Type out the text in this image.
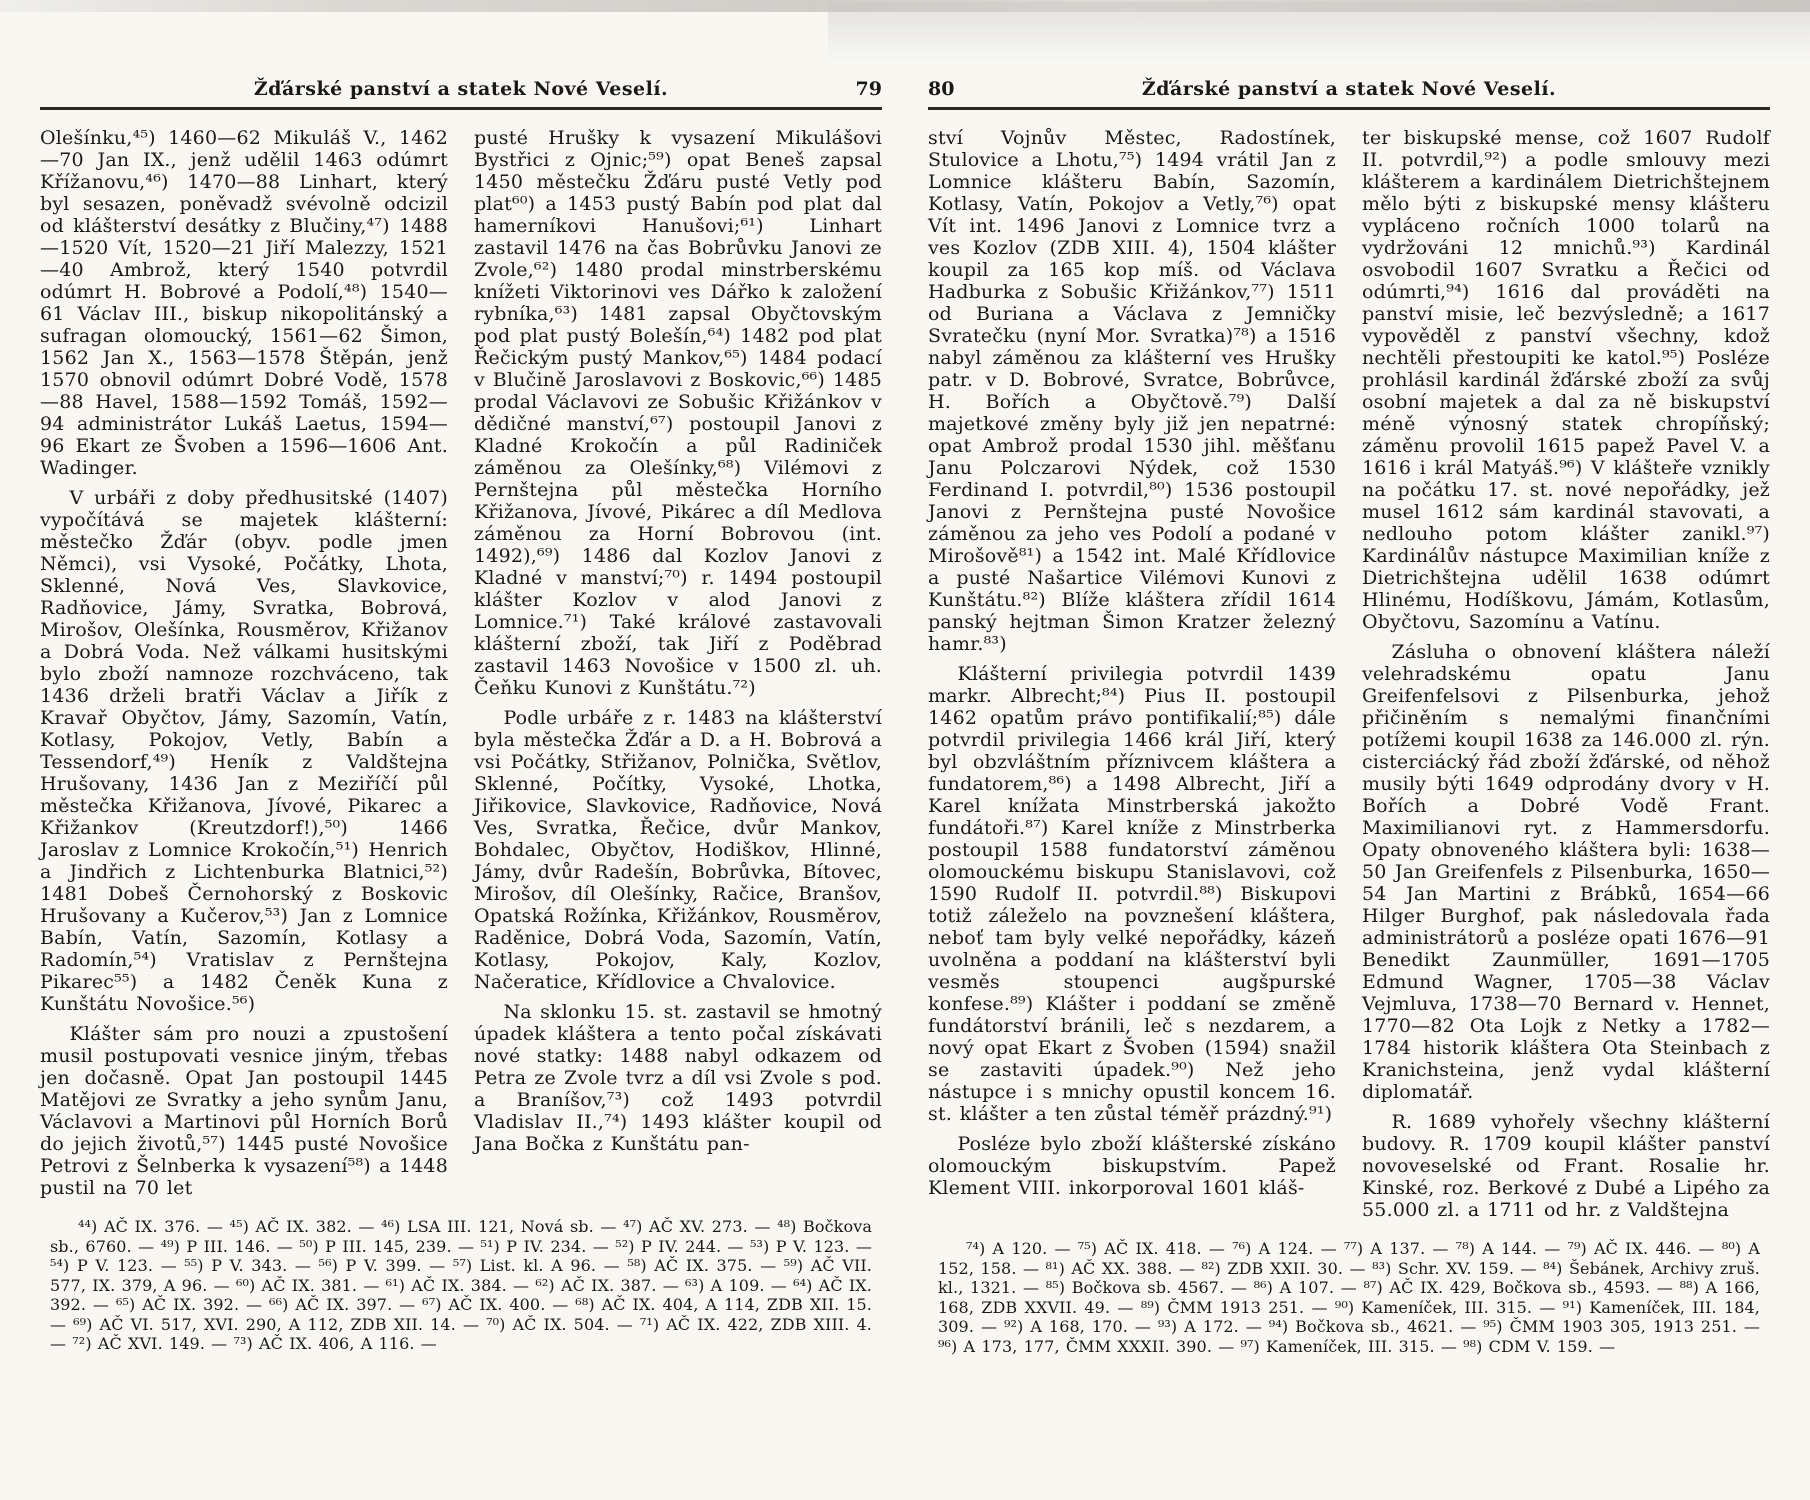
Žďárské panství a statek Nové Veselí.	79

Olešínku,⁴⁵) 1460—62 Mikuláš V., 1462—70 Jan IX., jenž udělil 1463 odúmrt Křížanovu,⁴⁶) 1470—88 Linhart, který byl sesazen, poněvadž svévolně odcizil od klášterství desátky z Blučiny,⁴⁷) 1488—1520 Vít, 1520—21 Jiří Malezzy, 1521—40 Ambrož, který 1540 potvrdil odúmrt H. Bobrové a Podolí,⁴⁸) 1540—61 Václav III., biskup nikopolitánský a sufragan olomoucký, 1561—62 Šimon, 1562 Jan X., 1563—1578 Štěpán, jenž 1570 obnovil odúmrt Dobré Vodě, 1578—88 Havel, 1588—1592 Tomáš, 1592—94 administrátor Lukáš Laetus, 1594—96 Ekart ze Švoben a 1596—1606 Ant. Wadinger.

V urbáři z doby předhusitské (1407) vypočítává se majetek klášterní: městečko Žďár (obyv. podle jmen Němci), vsi Vysoké, Počátky, Lhota, Sklenné, Nová Ves, Slavkovice, Radňovice, Jámy, Svratka, Bobrová, Mirošov, Olešínka, Rousměrov, Křižanov a Dobrá Voda. Než válkami husitskými bylo zboží namnoze rozchváceno, tak 1436 drželi bratři Václav a Jiřík z Kravař Obyčtov, Jámy, Sazomín, Vatín, Kotlasy, Pokojov, Vetly, Babín a Tessendorf,⁴⁹) Heník z Valdštejna Hrušovany, 1436 Jan z Meziříčí půl městečka Křižanova, Jívové, Pikarec a Křižankov (Kreutzdorf!),⁵⁰) 1466 Jaroslav z Lomnice Krokočín,⁵¹) Henrich a Jindřich z Lichtenburka Blatnici,⁵²) 1481 Dobeš Černohorský z Boskovic Hrušovany a Kučerov,⁵³) Jan z Lomnice Babín, Vatín, Sazomín, Kotlasy a Radomín,⁵⁴) Vratislav z Pernštejna Pikarec⁵⁵) a 1482 Čeněk Kuna z Kunštátu Novošice.⁵⁶)

Klášter sám pro nouzi a zpustošení musil postupovati vesnice jiným, třebas jen dočasně. Opat Jan postoupil 1445 Matějovi ze Svratky a jeho synům Janu, Václavovi a Martinovi půl Horních Borů do jejich životů,⁵⁷) 1445 pusté Novošice Petrovi z Šelnberka k vysazení⁵⁸) a 1448 pustil na 70 let

pusté Hrušky k vysazení Mikulášovi Bystřici z Ojnic;⁵⁹) opat Beneš zapsal 1450 městečku Žďáru pusté Vetly pod plat⁶⁰) a 1453 pustý Babín pod plat dal hamerníkovi Hanušovi;⁶¹) Linhart zastavil 1476 na čas Bobrůvku Janovi ze Zvole,⁶²) 1480 prodal minstrberskému knížeti Viktorinovi ves Dářko k založení rybníka,⁶³) 1481 zapsal Obyčtovským pod plat pustý Bolešín,⁶⁴) 1482 pod plat Řečickým pustý Mankov,⁶⁵) 1484 podací v Blučině Jaroslavovi z Boskovic,⁶⁶) 1485 prodal Václavovi ze Sobušic Křižánkov v dědičné manství,⁶⁷) postoupil Janovi z Kladné Krokočín a půl Radiniček záměnou za Olešínky,⁶⁸) Vilémovi z Pernštejna půl městečka Horního Křižanova, Jívové, Pikárec a díl Medlova záměnou za Horní Bobrovou (int. 1492),⁶⁹) 1486 dal Kozlov Janovi z Kladné v manství;⁷⁰) r. 1494 postoupil klášter Kozlov v alod Janovi z Lomnice.⁷¹) Také králové zastavovali klášterní zboží, tak Jiří z Poděbrad zastavil 1463 Novošice v 1500 zl. uh. Čeňku Kunovi z Kunštátu.⁷²)

Podle urbáře z r. 1483 na klášterství byla městečka Žďár a D. a H. Bobrová a vsi Počátky, Střižanov, Polnička, Světlov, Sklenné, Počítky, Vysoké, Lhotka, Jiřikovice, Slavkovice, Radňovice, Nová Ves, Svratka, Řečice, dvůr Mankov, Bohdalec, Obyčtov, Hodiškov, Hlinné, Jámy, dvůr Radešín, Bobrůvka, Bítovec, Mirošov, díl Olešínky, Račice, Branšov, Opatská Rožínka, Křižánkov, Rousměrov, Raděnice, Dobrá Voda, Sazomín, Vatín, Kotlasy, Pokojov, Kaly, Kozlov, Načeratice, Křídlovice a Chvalovice.

Na sklonku 15. st. zastavil se hmotný úpadek kláštera a tento počal získávati nové statky: 1488 nabyl odkazem od Petra ze Zvole tvrz a díl vsi Zvole s pod. a Braníšov,⁷³) což 1493 potvrdil Vladislav II.,⁷⁴) 1493 klášter koupil od Jana Bočka z Kunštátu pan-

⁴⁴) AČ IX. 376. — ⁴⁵) AČ IX. 382. — ⁴⁶) LSA III. 121, Nová sb. — ⁴⁷) AČ XV. 273. — ⁴⁸) Bočkova sb., 6760. — ⁴⁹) P III. 146. — ⁵⁰) P III. 145, 239. — ⁵¹) P IV. 234. — ⁵²) P IV. 244. — ⁵³) P V. 123. — ⁵⁴) P V. 123. — ⁵⁵) P V. 343. — ⁵⁶) P V. 399. — ⁵⁷) List. kl. A 96. — ⁵⁸) AČ IX. 375. — ⁵⁹) AČ VII. 577, IX. 379, A 96. — ⁶⁰) AČ IX. 381. — ⁶¹) AČ IX. 384. — ⁶²) AČ IX. 387. — ⁶³) A 109. — ⁶⁴) AČ IX. 392. — ⁶⁵) AČ IX. 392. — ⁶⁶) AČ IX. 397. — ⁶⁷) AČ IX. 400. — ⁶⁸) AČ IX. 404, A 114, ZDB XII. 15. — ⁶⁹) AČ VI. 517, XVI. 290, A 112, ZDB XII. 14. — ⁷⁰) AČ IX. 504. — ⁷¹) AČ IX. 422, ZDB XIII. 4. — ⁷²) AČ XVI. 149. — ⁷³) AČ IX. 406, A 116. —
80	Žďárské panství a statek Nové Veselí.

ství Vojnův Městec, Radostínek, Stulovice a Lhotu,⁷⁵) 1494 vrátil Jan z Lomnice klášteru Babín, Sazomín, Kotlasy, Vatín, Pokojov a Vetly,⁷⁶) opat Vít int. 1496 Janovi z Lomnice tvrz a ves Kozlov (ZDB XIII. 4), 1504 klášter koupil za 165 kop míš. od Václava Hadburka z Sobušic Křižánkov,⁷⁷) 1511 od Buriana a Václava z Jemničky Svratečku (nyní Mor. Svratka)⁷⁸) a 1516 nabyl záměnou za klášterní ves Hrušky patr. v D. Bobrové, Svratce, Bobrůvce, H. Bořích a Obyčtově.⁷⁹) Další majetkové změny byly již jen nepatrné: opat Ambrož prodal 1530 jihl. měšťanu Janu Polczarovi Nýdek, což 1530 Ferdinand I. potvrdil,⁸⁰) 1536 postoupil Janovi z Pernštejna pusté Novošice záměnou za jeho ves Podolí a podané v Mirošově⁸¹) a 1542 int. Malé Křídlovice a pusté Našartice Vilémovi Kunovi z Kunštátu.⁸²) Blíže kláštera zřídil 1614 panský hejtman Šimon Kratzer železný hamr.⁸³)

Klášterní privilegia potvrdil 1439 markr. Albrecht;⁸⁴) Pius II. postoupil 1462 opatům právo pontifikalií;⁸⁵) dále potvrdil privilegia 1466 král Jiří, který byl obzvláštním příznivcem kláštera a fundatorem,⁸⁶) a 1498 Albrecht, Jiří a Karel knížata Minstrberská jakožto fundátoři.⁸⁷) Karel kníže z Minstrberka postoupil 1588 fundatorství záměnou olomouckému biskupu Stanislavovi, což 1590 Rudolf II. potvrdil.⁸⁸) Biskupovi totiž záleželo na povznešení kláštera, neboť tam byly velké nepořádky, kázeň uvolněna a poddaní na klášterství byli vesměs stoupenci augšpurské konfese.⁸⁹) Klášter i poddaní se změně fundátorství bránili, leč s nezdarem, a nový opat Ekart z Švoben (1594) snažil se zastaviti úpadek.⁹⁰) Než jeho nástupce i s mnichy opustil koncem 16. st. klášter a ten zůstal téměř prázdný.⁹¹)

Posléze bylo zboží klášterské získáno olomouckým biskupstvím. Papež Klement VIII. inkorporoval 1601 kláš-

ter biskupské mense, což 1607 Rudolf II. potvrdil,⁹²) a podle smlouvy mezi klášterem a kardinálem Dietrichštejnem mělo býti z biskupské mensy klášteru vypláceno ročních 1000 tolarů na vydržováni 12 mnichů.⁹³) Kardinál osvobodil 1607 Svratku a Řečici od odúmrti,⁹⁴) 1616 dal prováděti na panství misie, leč bezvýsledně; a 1617 vypověděl z panství všechny, kdož nechtěli přestoupiti ke katol.⁹⁵) Posléze prohlásil kardinál žďárské zboží za svůj osobní majetek a dal za ně biskupství méně výnosný statek chropíňský; záměnu provolil 1615 papež Pavel V. a 1616 i král Matyáš.⁹⁶) V klášteře vznikly na počátku 17. st. nové nepořádky, jež musel 1612 sám kardinál stavovati, a nedlouho potom klášter zanikl.⁹⁷) Kardinálův nástupce Maximilian kníže z Dietrichštejna udělil 1638 odúmrt Hlinému, Hodíškovu, Jámám, Kotlasům, Obyčtovu, Sazomínu a Vatínu.

Zásluha o obnovení kláštera náleží velehradskému opatu Janu Greifenfelsovi z Pilsenburka, jehož přičiněním s nemalými finančními potížemi koupil 1638 za 146.000 zl. rýn. cisterciácký řád zboží žďárské, od něhož musily býti 1649 odprodány dvory v H. Bořích a Dobré Vodě Frant. Maximilianovi ryt. z Hammersdorfu. Opaty obnoveného kláštera byli: 1638—50 Jan Greifenfels z Pilsenburka, 1650—54 Jan Martini z Brábků, 1654—66 Hilger Burghof, pak následovala řada administrátorů a posléze opati 1676—91 Benedikt Zaunmüller, 1691—1705 Edmund Wagner, 1705—38 Václav Vejmluva, 1738—70 Bernard v. Hennet, 1770—82 Ota Lojk z Netky a 1782—1784 historik kláštera Ota Steinbach z Kranichsteina, jenž vydal klášterní diplomatář.

R. 1689 vyhořely všechny klášterní budovy. R. 1709 koupil klášter panství novoveselské od Frant. Rosalie hr. Kinské, roz. Berkové z Dubé a Lipého za 55.000 zl. a 1711 od hr. z Valdštejna

⁷⁴) A 120. — ⁷⁵) AČ IX. 418. — ⁷⁶) A 124. — ⁷⁷) A 137. — ⁷⁸) A 144. — ⁷⁹) AČ IX. 446. — ⁸⁰) A 152, 158. — ⁸¹) AČ XX. 388. — ⁸²) ZDB XXII. 30. — ⁸³) Schr. XV. 159. — ⁸⁴) Šebánek, Archivy zruš. kl., 1321. — ⁸⁵) Bočkova sb. 4567. — ⁸⁶) A 107. — ⁸⁷) AČ IX. 429, Bočkova sb., 4593. — ⁸⁸) A 166, 168, ZDB XXVII. 49. — ⁸⁹) ČMM 1913 251. — ⁹⁰) Kameníček, III. 315. — ⁹¹) Kameníček, III. 184, 309. — ⁹²) A 168, 170. — ⁹³) A 172. — ⁹⁴) Bočkova sb., 4621. — ⁹⁵) ČMM 1903 305, 1913 251. — ⁹⁶) A 173, 177, ČMM XXXII. 390. — ⁹⁷) Kameníček, III. 315. — ⁹⁸) CDM V. 159. —
